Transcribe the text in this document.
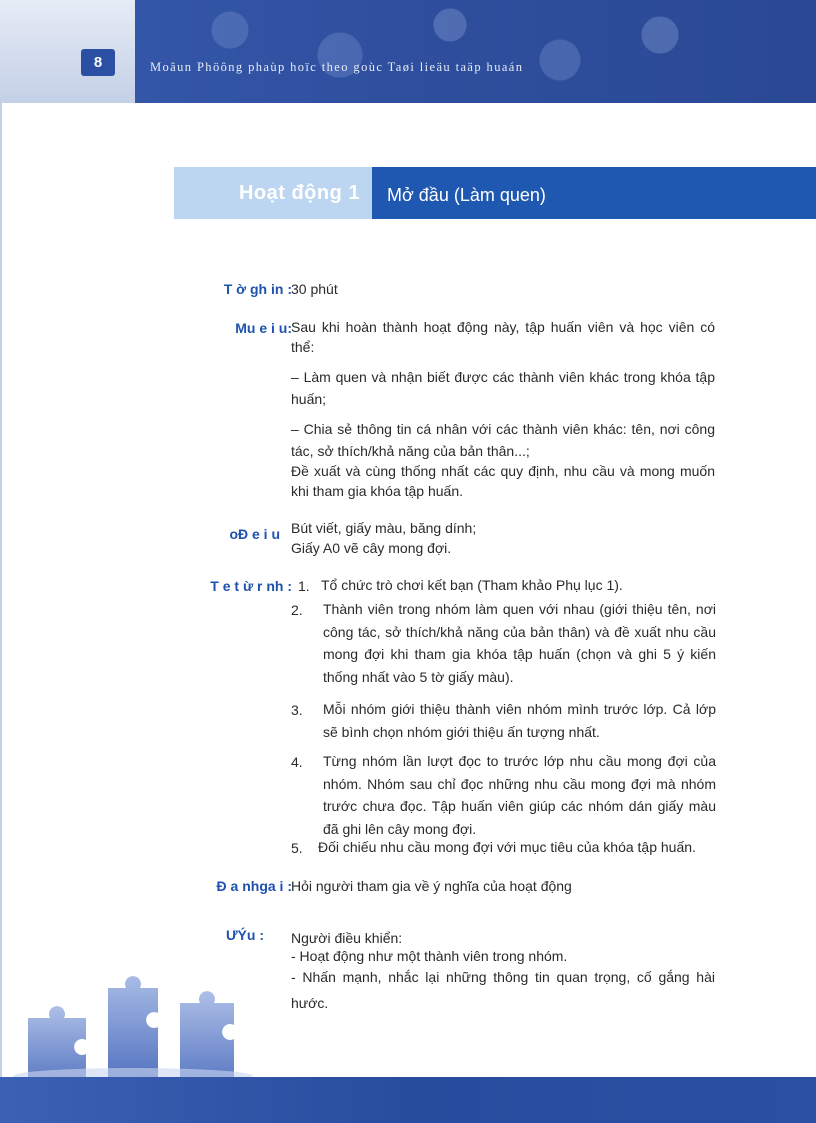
8	Moâun Phöông phaùp hoïc theo goùc Taøi lieäu taäp huaán
Hoạt động 1	Mở đầu (Làm quen)
T ờ gh in : 30 phút
Mu e i u: Sau khi hoàn thành hoạt động này, tập huấn viên và học viên có thể:
– Làm quen và nhận biết được các thành viên khác trong khóa tập huấn;
– Chia sẻ thông tin cá nhân với các thành viên khác: tên, nơi công tác, sở thích/khả năng của bản thân...;
Đề xuất và cùng thống nhất các quy định, nhu cầu và mong muốn khi tham gia khóa tập huấn.
oĐ e i u Bút viết, giấy màu, băng dính;
Giấy A0 vẽ cây mong đợi.
T e t ừ r nh : 1. Tổ chức trò chơi kết bạn (Tham khảo Phụ lục 1).
2. Thành viên trong nhóm làm quen với nhau (giới thiệu tên, nơi công tác, sở thích/khả năng của bản thân) và đề xuất nhu cầu mong đợi khi tham gia khóa tập huấn (chọn và ghi 5 ý kiến thống nhất vào 5 tờ giấy màu).
3. Mỗi nhóm giới thiệu thành viên nhóm mình trước lớp. Cả lớp sẽ bình chọn nhóm giới thiệu ấn tượng nhất.
4. Từng nhóm lần lượt đọc to trước lớp nhu cầu mong đợi của nhóm. Nhóm sau chỉ đọc những nhu cầu mong đợi mà nhóm trước chưa đọc. Tập huấn viên giúp các nhóm dán giấy màu đã ghi lên cây mong đợi.
5. Đối chiếu nhu cầu mong đợi với mục tiêu của khóa tập huấn.
Đ a nhga i : Hỏi người tham gia về ý nghĩa của hoạt động
ƯÝu : Người điều khiển:
- Hoạt động như một thành viên trong nhóm.
- Nhấn mạnh, nhắc lại những thông tin quan trọng, cố gắng hài hước.
